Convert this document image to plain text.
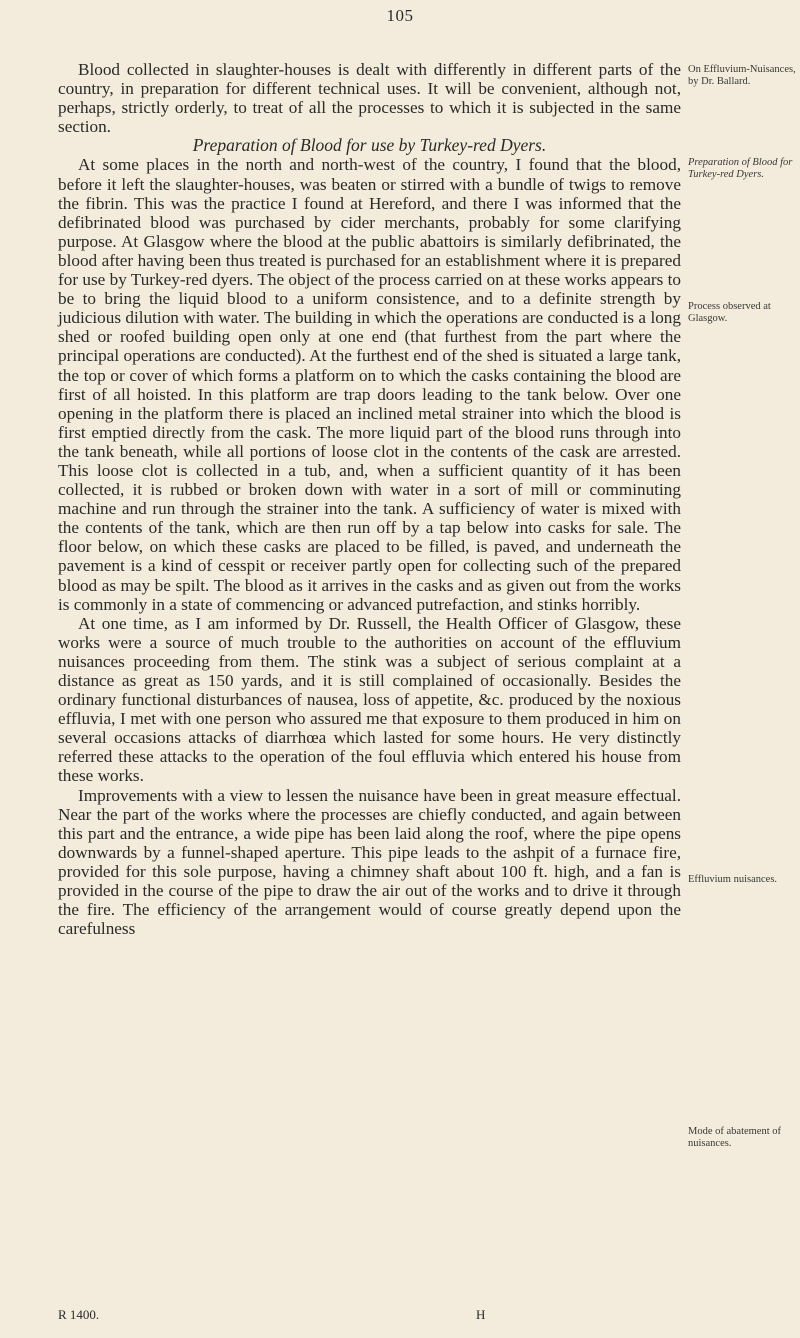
105

Blood collected in slaughter-houses is dealt with differently in different parts of the country, in preparation for different technical uses. It will be convenient, although not, perhaps, strictly orderly, to treat of all the processes to which it is subjected in the same section.

Preparation of Blood for use by Turkey-red Dyers.

At some places in the north and north-west of the country, I found that the blood, before it left the slaughter-houses, was beaten or stirred with a bundle of twigs to remove the fibrin. This was the practice I found at Hereford, and there I was informed that the defibrinated blood was purchased by cider merchants, probably for some clarifying purpose. At Glasgow where the blood at the public abattoirs is similarly defibrinated, the blood after having been thus treated is purchased for an establishment where it is prepared for use by Turkey-red dyers. The object of the process carried on at these works appears to be to bring the liquid blood to a uniform consistence, and to a definite strength by judicious dilution with water. The building in which the operations are conducted is a long shed or roofed building open only at one end (that furthest from the part where the principal operations are conducted). At the furthest end of the shed is situated a large tank, the top or cover of which forms a platform on to which the casks containing the blood are first of all hoisted. In this platform are trap doors leading to the tank below. Over one opening in the platform there is placed an inclined metal strainer into which the blood is first emptied directly from the cask. The more liquid part of the blood runs through into the tank beneath, while all portions of loose clot in the contents of the cask are arrested. This loose clot is collected in a tub, and, when a sufficient quantity of it has been collected, it is rubbed or broken down with water in a sort of mill or comminuting machine and run through the strainer into the tank. A sufficiency of water is mixed with the contents of the tank, which are then run off by a tap below into casks for sale. The floor below, on which these casks are placed to be filled, is paved, and underneath the pavement is a kind of cesspit or receiver partly open for collecting such of the prepared blood as may be spilt. The blood as it arrives in the casks and as given out from the works is commonly in a state of commencing or advanced putrefaction, and stinks horribly.

At one time, as I am informed by Dr. Russell, the Health Officer of Glasgow, these works were a source of much trouble to the authorities on account of the effluvium nuisances proceeding from them. The stink was a subject of serious complaint at a distance as great as 150 yards, and it is still complained of occasionally. Besides the ordinary functional disturbances of nausea, loss of appetite, &c. produced by the noxious effluvia, I met with one person who assured me that exposure to them produced in him on several occasions attacks of diarrhœa which lasted for some hours. He very distinctly referred these attacks to the operation of the foul effluvia which entered his house from these works.

Improvements with a view to lessen the nuisance have been in great measure effectual. Near the part of the works where the processes are chiefly conducted, and again between this part and the entrance, a wide pipe has been laid along the roof, where the pipe opens downwards by a funnel-shaped aperture. This pipe leads to the ashpit of a furnace fire, provided for this sole purpose, having a chimney shaft about 100 ft. high, and a fan is provided in the course of the pipe to draw the air out of the works and to drive it through the fire. The efficiency of the arrangement would of course greatly depend upon the carefulness

On Effluvium-Nuisances, by Dr. Ballard.
Preparation of Blood for Turkey-red Dyers.
Process observed at Glasgow.
Effluvium nuisances.
Mode of abatement of nuisances.
R 1400.	H
